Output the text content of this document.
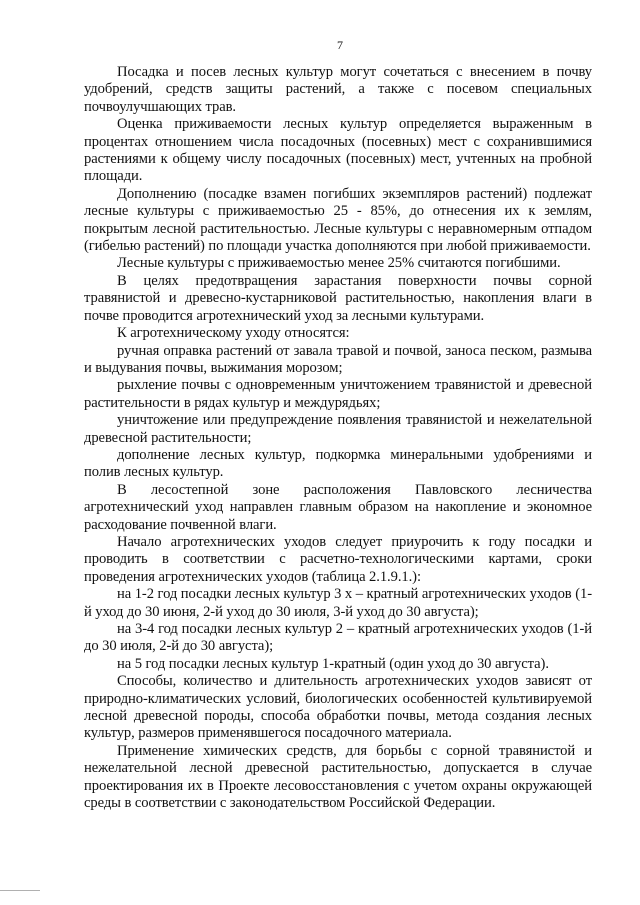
7

Посадка и посев лесных культур могут сочетаться с внесением в почву удобрений, средств защиты растений, а также с посевом специальных почвоулучшающих трав.

Оценка приживаемости лесных культур определяется выраженным в процентах отношением числа посадочных (посевных) мест с сохранившимися растениями к общему числу посадочных (посевных) мест, учтенных на пробной площади.

Дополнению (посадке взамен погибших экземпляров растений) подлежат лесные культуры с приживаемостью 25 - 85%, до отнесения их к землям, покрытым лесной растительностью. Лесные культуры с неравномерным отпадом (гибелью растений) по площади участка дополняются при любой приживаемости.

Лесные культуры с приживаемостью менее 25% считаются погибшими.

В целях предотвращения зарастания поверхности почвы сорной травянистой и древесно-кустарниковой растительностью, накопления влаги в почве проводится агротехнический уход за лесными культурами.

К агротехническому уходу относятся:

ручная оправка растений от завала травой и почвой, заноса песком, размыва и выдувания почвы, выжимания морозом;

рыхление почвы с одновременным уничтожением травянистой и древесной растительности в рядах культур и междурядьях;

уничтожение или предупреждение появления травянистой и нежелательной древесной растительности;

дополнение лесных культур, подкормка минеральными удобрениями и полив лесных культур.

В лесостепной зоне расположения Павловского лесничества агротехнический уход направлен главным образом на накопление и экономное расходование почвенной влаги.

Начало агротехнических уходов следует приурочить к году посадки и проводить в соответствии с расчетно-технологическими картами, сроки проведения агротехнических уходов (таблица 2.1.9.1.):

на 1-2 год посадки лесных культур 3 х – кратный агротехнических уходов (1-й уход до 30 июня, 2-й уход до 30 июля, 3-й уход до 30 августа);

на 3-4 год посадки лесных культур 2 – кратный агротехнических уходов (1-й до 30 июля, 2-й до 30 августа);

на 5 год посадки лесных культур 1-кратный (один уход до 30 августа).

Способы, количество и длительность агротехнических уходов зависят от природно-климатических условий, биологических особенностей культивируемой лесной древесной породы, способа обработки почвы, метода создания лесных культур, размеров применявшегося посадочного материала.

Применение химических средств, для борьбы с сорной травянистой и нежелательной лесной древесной растительностью, допускается в случае проектирования их в Проекте лесовосстановления с учетом охраны окружающей среды в соответствии с законодательством Российской Федерации.
